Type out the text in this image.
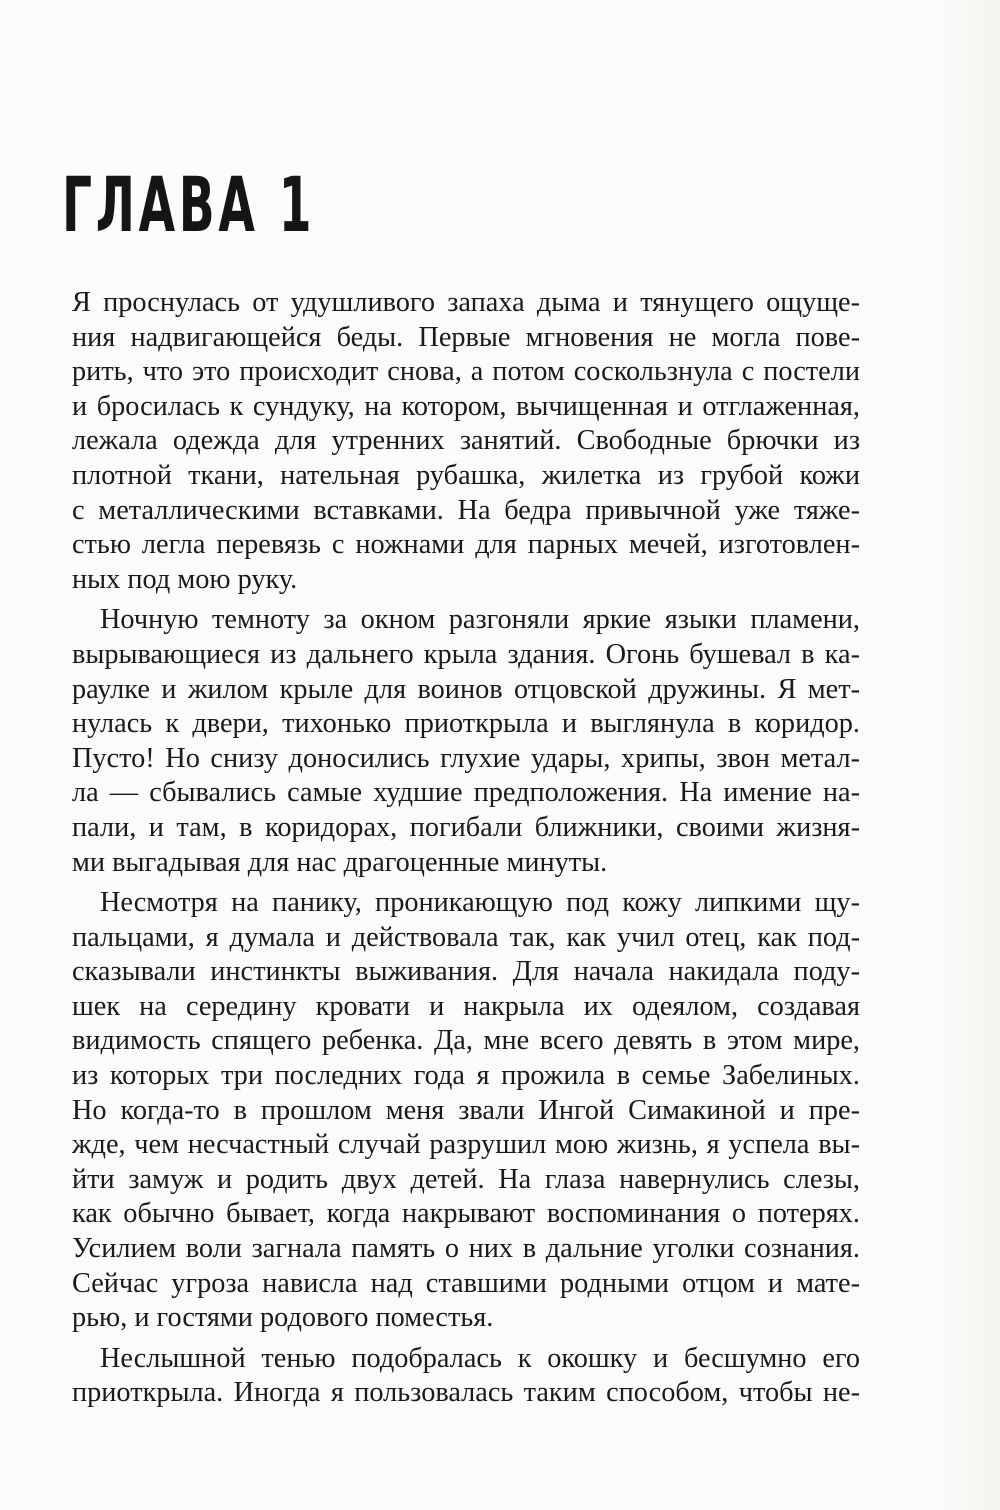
ГЛАВА 1

Я проснулась от удушливого запаха дыма и тянущего ощуще-
ния надвигающейся беды. Первые мгновения не могла пове-
рить, что это происходит снова, а потом соскользнула с постели
и бросилась к сундуку, на котором, вычищенная и отглаженная,
лежала одежда для утренних занятий. Свободные брючки из
плотной ткани, нательная рубашка, жилетка из грубой кожи
с металлическими вставками. На бедра привычной уже тяже-
стью легла перевязь с ножнами для парных мечей, изготовлен-
ных под мою руку.

Ночную темноту за окном разгоняли яркие языки пламени,
вырывающиеся из дальнего крыла здания. Огонь бушевал в ка-
раулке и жилом крыле для воинов отцовской дружины. Я мет-
нулась к двери, тихонько приоткрыла и выглянула в коридор.
Пусто! Но снизу доносились глухие удары, хрипы, звон метал-
ла — сбывались самые худшие предположения. На имение на-
пали, и там, в коридорах, погибали ближники, своими жизня-
ми выгадывая для нас драгоценные минуты.

Несмотря на панику, проникающую под кожу липкими щу-
пальцами, я думала и действовала так, как учил отец, как под-
сказывали инстинкты выживания. Для начала накидала поду-
шек на середину кровати и накрыла их одеялом, создавая
видимость спящего ребенка. Да, мне всего девять в этом мире,
из которых три последних года я прожила в семье Забелиных.
Но когда-то в прошлом меня звали Ингой Симакиной и пре-
жде, чем несчастный случай разрушил мою жизнь, я успела вы-
йти замуж и родить двух детей. На глаза навернулись слезы,
как обычно бывает, когда накрывают воспоминания о потерях.
Усилием воли загнала память о них в дальние уголки сознания.
Сейчас угроза нависла над ставшими родными отцом и мате-
рью, и гостями родового поместья.

Неслышной тенью подобралась к окошку и бесшумно его
приоткрыла. Иногда я пользовалась таким способом, чтобы не-
